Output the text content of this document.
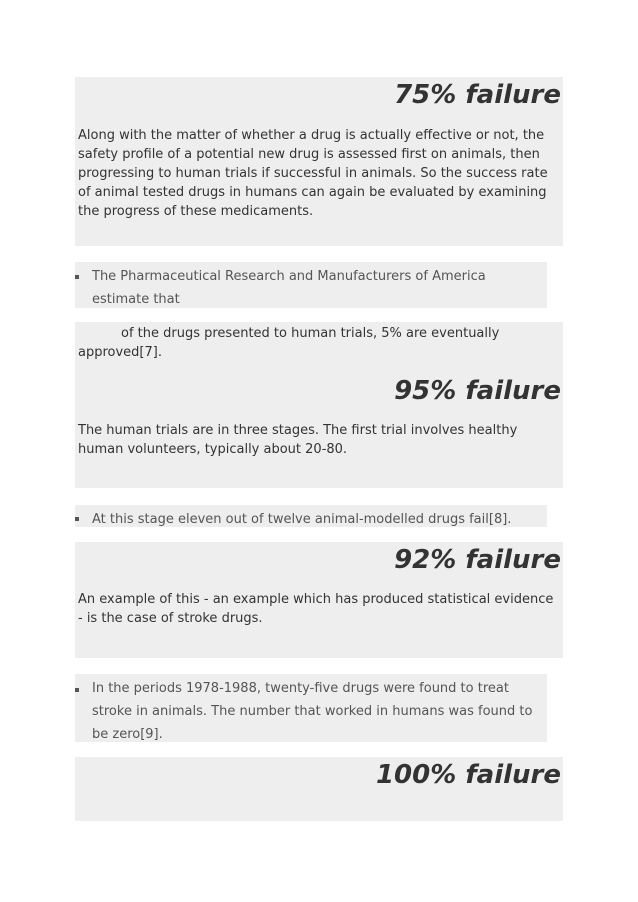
75% failure

Along with the matter of whether a drug is actually effective or not, the safety profile of a potential new drug is assessed first on animals, then progressing to human trials if successful in animals. So the success rate of animal tested drugs in humans can again be evaluated by examining the progress of these medicaments.

The Pharmaceutical Research and Manufacturers of America estimate that

of the drugs presented to human trials, 5% are eventually approved[7].

95% failure

The human trials are in three stages. The first trial involves healthy human volunteers, typically about 20-80.

At this stage eleven out of twelve animal-modelled drugs fail[8].

92% failure

An example of this - an example which has produced statistical evidence - is the case of stroke drugs.

In the periods 1978-1988, twenty-five drugs were found to treat stroke in animals. The number that worked in humans was found to be zero[9].

100% failure
